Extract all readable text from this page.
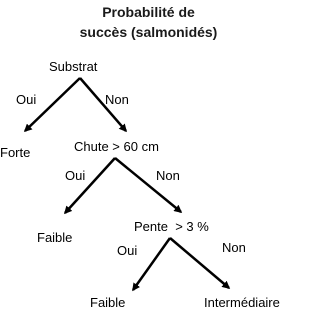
Probabilité de
succès (salmonidés)
Substrat
Oui	Non
Forte	Chute > 60 cm
Oui	Non
Faible
Pente  > 3 %
Oui	Non
Faible	Intermédiaire
